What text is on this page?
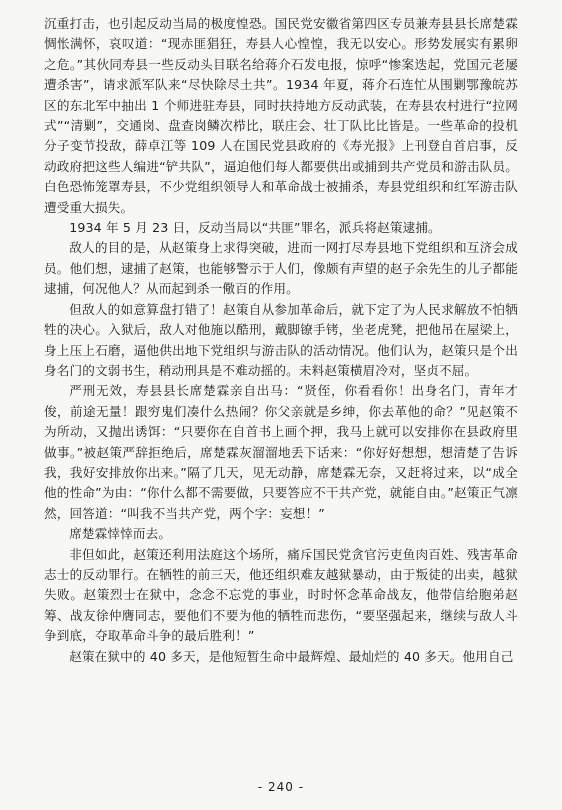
沉重打击，也引起反动当局的极度惶恐。国民党安徽省第四区专员兼寿县县长席楚霖惆怅满怀，哀叹道：“现赤匪猖狂，寿县人心惶惶，我无以安心。形势发展实有累卵之危。”其伙同寿县一些反动头目联名给蒋介石发电报，惊呼“惨案迭起，党国元老屡遭杀害”，请求派军队来“尽快除尽土共”。1934 年夏，蒋介石连忙从围剿鄂豫皖苏区的东北军中抽出 1 个师进驻寿县，同时扶持地方反动武装，在寿县农村进行“拉网式”“清剿”，交通岗、盘查岗鳞次栉比，联庄会、壮丁队比比皆是。一些革命的投机分子变节投敌，薛卓江等 109 人在国民党县政府的《寿光报》上刊登自首启事，反动政府把这些人编进“铲共队”，逼迫他们每人都要供出或捕到共产党员和游击队员。白色恐怖笼罩寿县，不少党组织领导人和革命战士被捕杀，寿县党组织和红军游击队遭受重大损失。

1934 年 5 月 23 日，反动当局以“共匪”罪名，派兵将赵策逮捕。

敌人的目的是，从赵策身上求得突破，进而一网打尽寿县地下党组织和互济会成员。他们想，逮捕了赵策，也能够警示于人们，像颇有声望的赵子余先生的儿子都能逮捕，何况他人？从而起到杀一儆百的作用。

但敌人的如意算盘打错了！赵策自从参加革命后，就下定了为人民求解放不怕牺牲的决心。入狱后，敌人对他施以酷刑，戴脚镣手铐，坐老虎凳，把他吊在屋梁上，身上压上石磨，逼他供出地下党组织与游击队的活动情况。他们认为，赵策只是个出身名门的文弱书生，稍动刑具是不难动摇的。未料赵策横眉冷对，坚贞不屈。

严刑无效，寿县县长席楚霖亲自出马：“贤侄，你看看你！出身名门，青年才俊，前途无量！跟穷鬼们凑什么热闹？你父亲就是乡绅，你去革他的命？”见赵策不为所动，又抛出诱饵：“只要你在自首书上画个押，我马上就可以安排你在县政府里做事。”被赵策严辞拒绝后，席楚霖灰溜溜地丢下话来：“你好好想想，想清楚了告诉我，我好安排放你出来。”隔了几天，见无动静，席楚霖无奈，又赶将过来，以“成全他的性命”为由：“你什么都不需要做，只要答应不干共产党，就能自由。”赵策正气凛然，回答道：“叫我不当共产党，两个字：妄想！”

席楚霖悻悻而去。

非但如此，赵策还利用法庭这个场所，痛斥国民党贪官污吏鱼肉百姓、残害革命志士的反动罪行。在牺牲的前三天，他还组织难友越狱暴动，由于叛徒的出卖，越狱失败。赵策烈士在狱中，念念不忘党的事业，时时怀念革命战友，他带信给胞弟赵筹、战友徐仲膺同志，要他们不要为他的牺牲而悲伤，“要坚强起来，继续与敌人斗争到底，夺取革命斗争的最后胜利！”

赵策在狱中的 40 多天，是他短暂生命中最辉煌、最灿烂的 40 多天。他用自己

- 240 -
